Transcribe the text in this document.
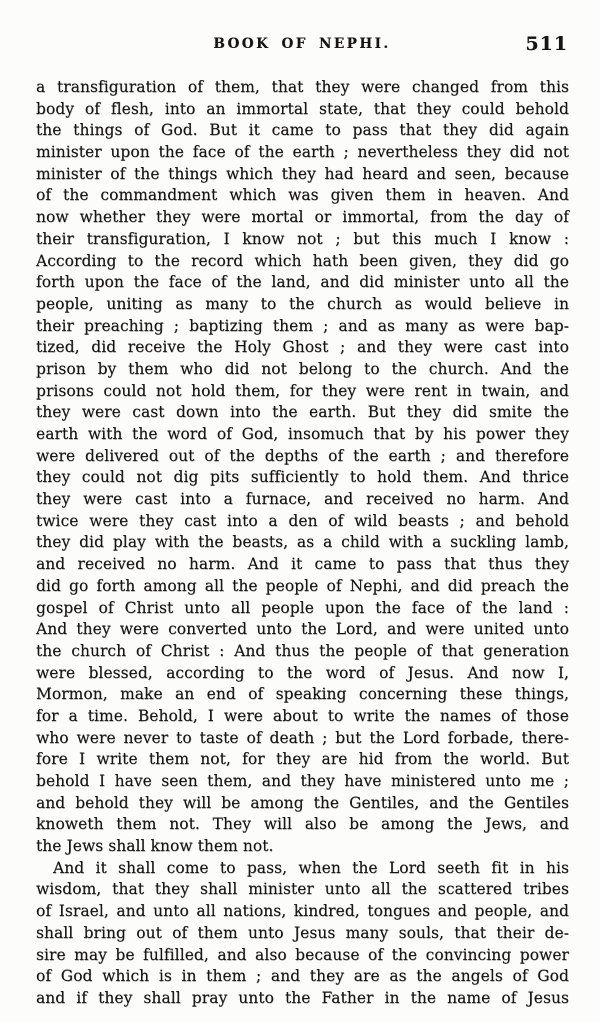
BOOK OF NEPHI.	511
a transfiguration of them, that they were changed from this
body of flesh, into an immortal state, that they could behold
the things of God. But it came to pass that they did again
minister upon the face of the earth ; nevertheless they did not
minister of the things which they had heard and seen, because
of the commandment which was given them in heaven. And
now whether they were mortal or immortal, from the day of
their transfiguration, I know not ; but this much I know :
According to the record which hath been given, they did go
forth upon the face of the land, and did minister unto all the
people, uniting as many to the church as would believe in
their preaching ; baptizing them ; and as many as were bap-
tized, did receive the Holy Ghost ; and they were cast into
prison by them who did not belong to the church. And the
prisons could not hold them, for they were rent in twain, and
they were cast down into the earth. But they did smite the
earth with the word of God, insomuch that by his power they
were delivered out of the depths of the earth ; and therefore
they could not dig pits sufficiently to hold them. And thrice
they were cast into a furnace, and received no harm. And
twice were they cast into a den of wild beasts ; and behold
they did play with the beasts, as a child with a suckling lamb,
and received no harm. And it came to pass that thus they
did go forth among all the people of Nephi, and did preach the
gospel of Christ unto all people upon the face of the land :
And they were converted unto the Lord, and were united unto
the church of Christ : And thus the people of that generation
were blessed, according to the word of Jesus. And now I,
Mormon, make an end of speaking concerning these things,
for a time. Behold, I were about to write the names of those
who were never to taste of death ; but the Lord forbade, there-
fore I write them not, for they are hid from the world. But
behold I have seen them, and they have ministered unto me ;
and behold they will be among the Gentiles, and the Gentiles
knoweth them not. They will also be among the Jews, and
the Jews shall know them not.
And it shall come to pass, when the Lord seeth fit in his
wisdom, that they shall minister unto all the scattered tribes
of Israel, and unto all nations, kindred, tongues and people, and
shall bring out of them unto Jesus many souls, that their de-
sire may be fulfilled, and also because of the convincing power
of God which is in them ; and they are as the angels of God
and if they shall pray unto the Father in the name of Jesus
